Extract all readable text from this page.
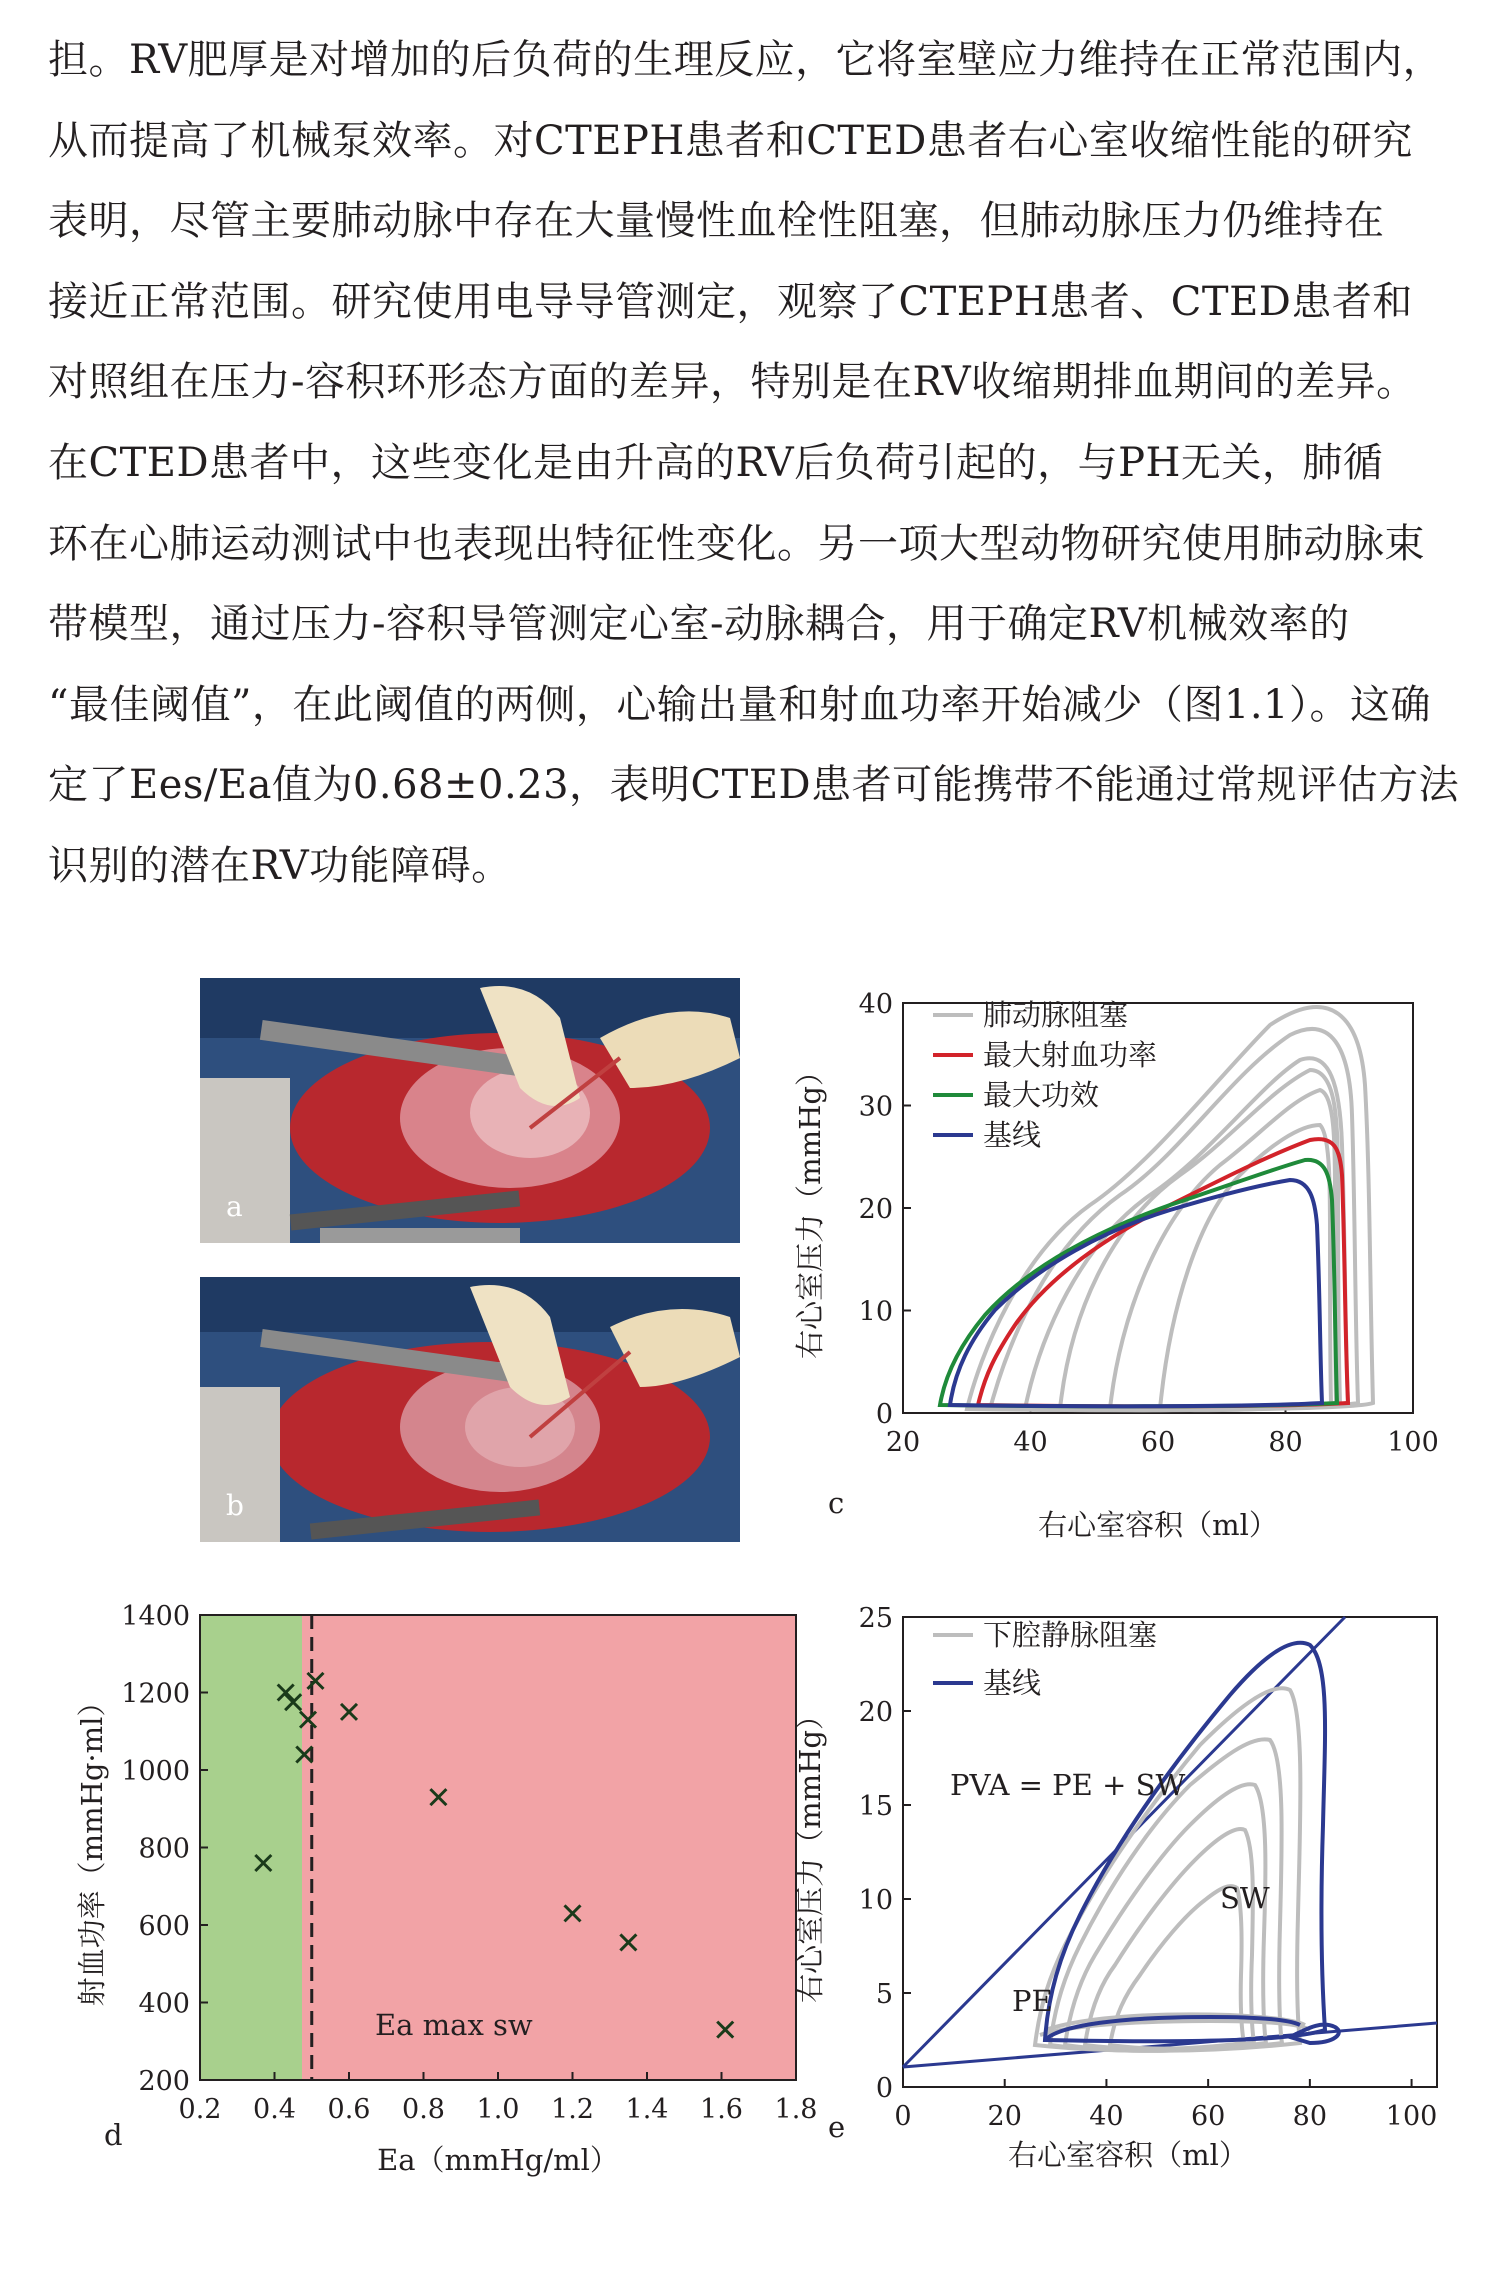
担。RV肥厚是对增加的后负荷的生理反应，它将室壁应力维持在正常范围内，
从而提高了机械泵效率。对CTEPH患者和CTED患者右心室收缩性能的研究
表明，尽管主要肺动脉中存在大量慢性血栓性阻塞，但肺动脉压力仍维持在
接近正常范围。研究使用电导导管测定，观察了CTEPH患者、CTED患者和
对照组在压力-容积环形态方面的差异，特别是在RV收缩期排血期间的差异。
在CTED患者中，这些变化是由升高的RV后负荷引起的，与PH无关，肺循
环在心肺运动测试中也表现出特征性变化。另一项大型动物研究使用肺动脉束
带模型，通过压力-容积导管测定心室-动脉耦合，用于确定RV机械效率的
“最佳阈值”，在此阈值的两侧，心输出量和射血功率开始减少（图1.1）。这确
定了Ees/Ea值为0.68±0.23，表明CTED患者可能携带不能通过常规评估方法
识别的潜在RV功能障碍。
a
b
20	40	60	80	100
0
10
20
30
40	肺动脉阻塞
最大射血功率
最大功效
基线
右心室容积（ml）
右心室压力（mmHg）
c
0.2 0.4 0.6 0.8 1.0 1.2 1.4 1.6 1.8
200
400
600
800
1000
1200
1400
Ea max sw
Ea（mmHg/ml）
射血功率（mmHg·ml）
d
0	20 40 60 80 100
0
5
10
15
20
25	下腔静脉阻塞
基线
PVA = PE + SW
SW
PE
右心室容积（ml）
右心室压力（mmHg）
e
